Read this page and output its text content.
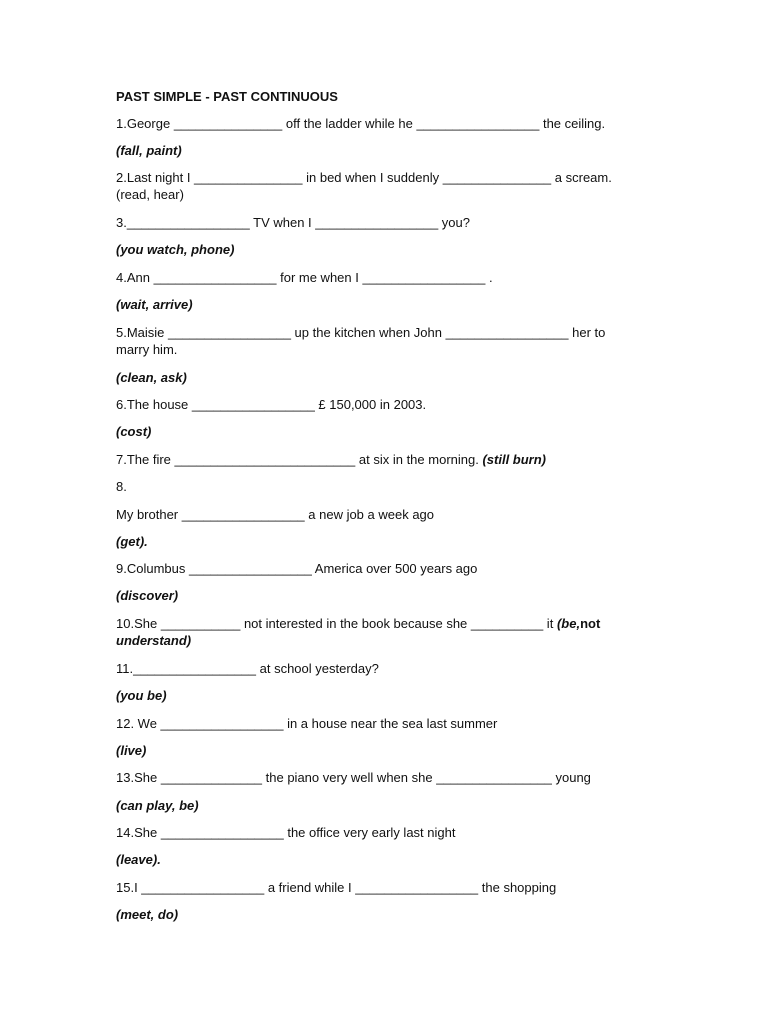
PAST SIMPLE - PAST CONTINUOUS
1.George _______________ off the ladder while he _________________ the ceiling.
(fall, paint)
2.Last night I _______________ in bed when I suddenly _______________ a scream. (read, hear)
3._________________ TV when I _________________ you?
(you watch, phone)
4.Ann _________________ for me when I _________________ .
(wait, arrive)
5.Maisie _________________ up the kitchen when John _________________ her to marry him.
(clean, ask)
6.The house _________________ £ 150,000 in 2003.
(cost)
7.The fire _________________________ at six in the morning. (still burn)
8.
My brother _________________ a new job a week ago
(get).
9.Columbus _________________ America over 500 years ago
(discover)
10.She ___________ not interested in the book because she __________ it (be,not
understand)
11._________________ at school yesterday?
(you be)
12. We _________________ in a house near the sea last summer
(live)
13.She ______________ the piano very well when she ________________ young
(can play, be)
14.She _________________ the office very early last night
(leave).
15.I _________________ a friend while I _________________ the shopping
(meet, do)
